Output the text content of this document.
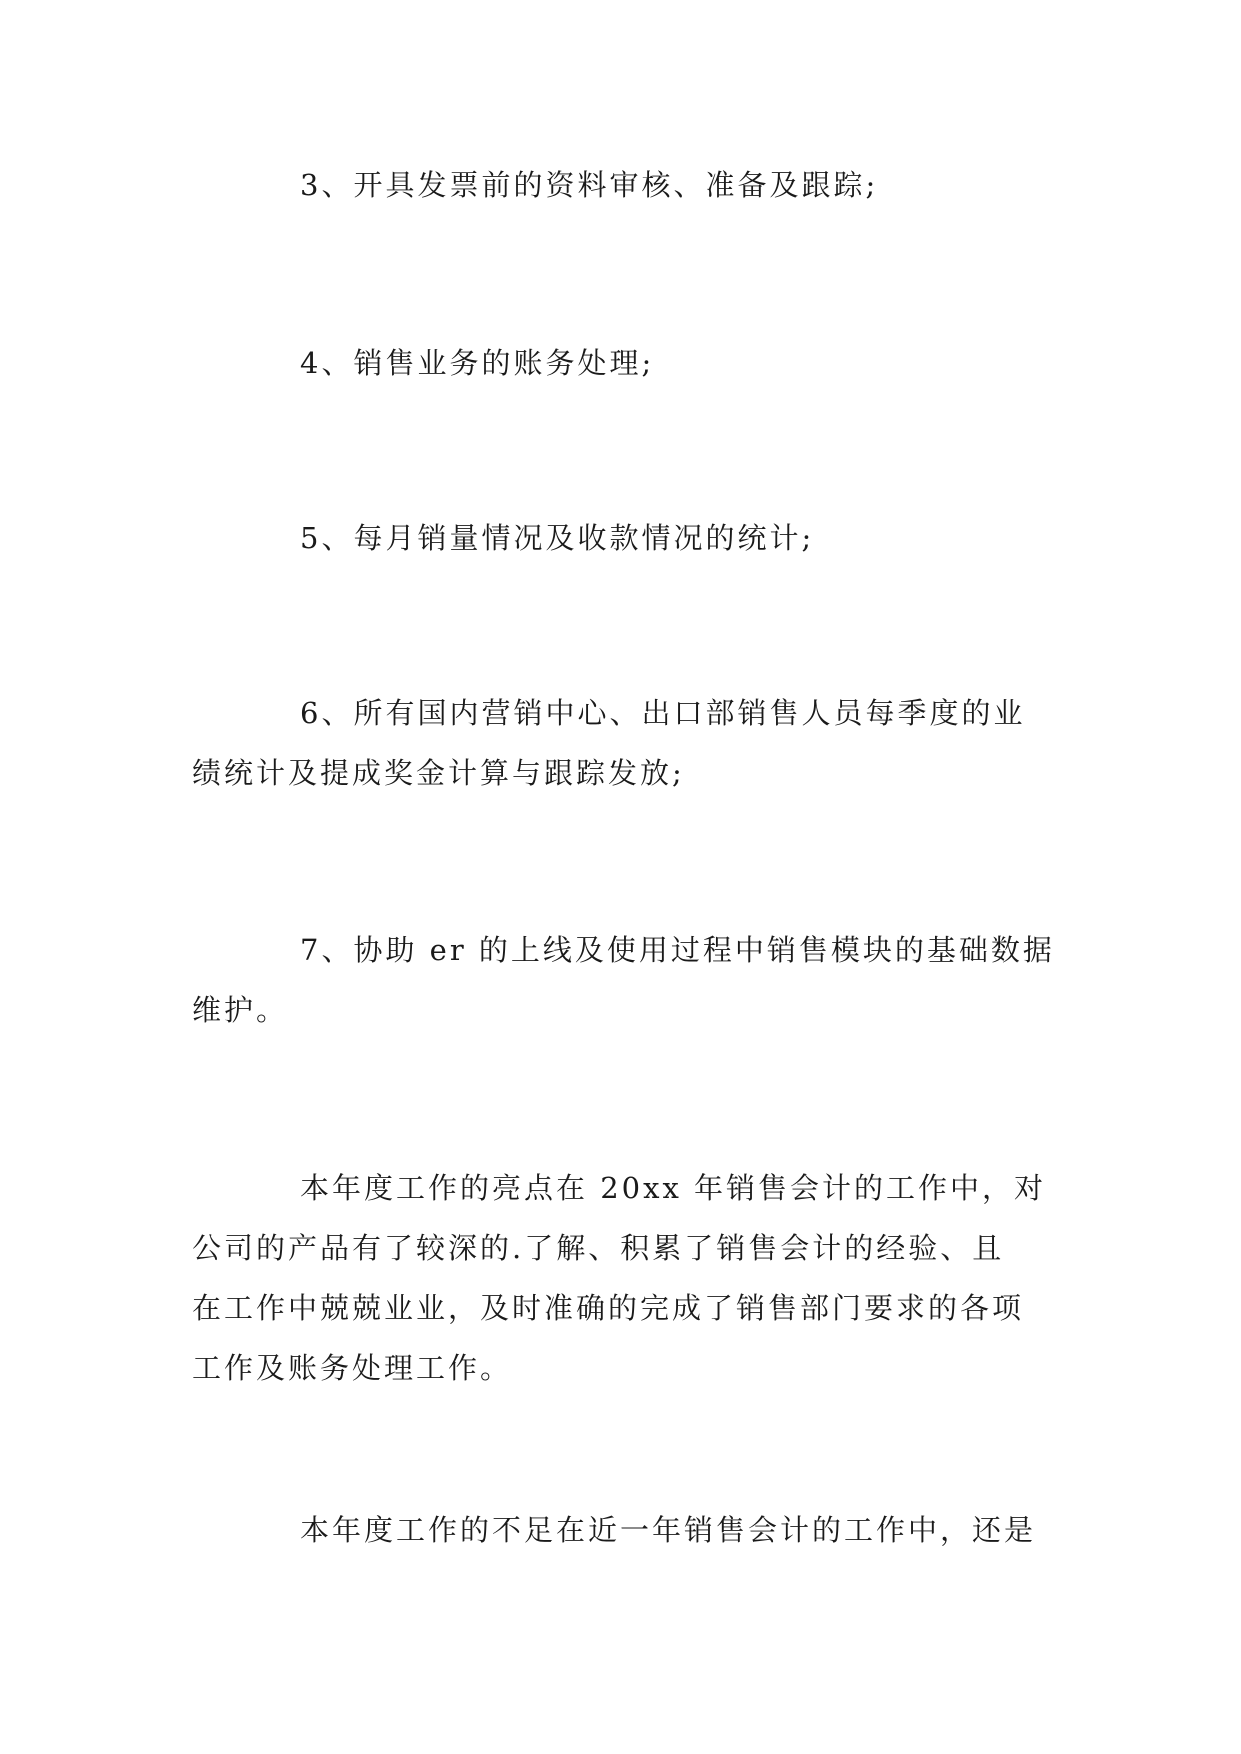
3、开具发票前的资料审核、准备及跟踪;

4、销售业务的账务处理;

5、每月销量情况及收款情况的统计;

6、所有国内营销中心、出口部销售人员每季度的业
绩统计及提成奖金计算与跟踪发放;

7、协助 er 的上线及使用过程中销售模块的基础数据
维护。

本年度工作的亮点在 20xx 年销售会计的工作中，对
公司的产品有了较深的.了解、积累了销售会计的经验、且
在工作中兢兢业业，及时准确的完成了销售部门要求的各项
工作及账务处理工作。

本年度工作的不足在近一年销售会计的工作中，还是
